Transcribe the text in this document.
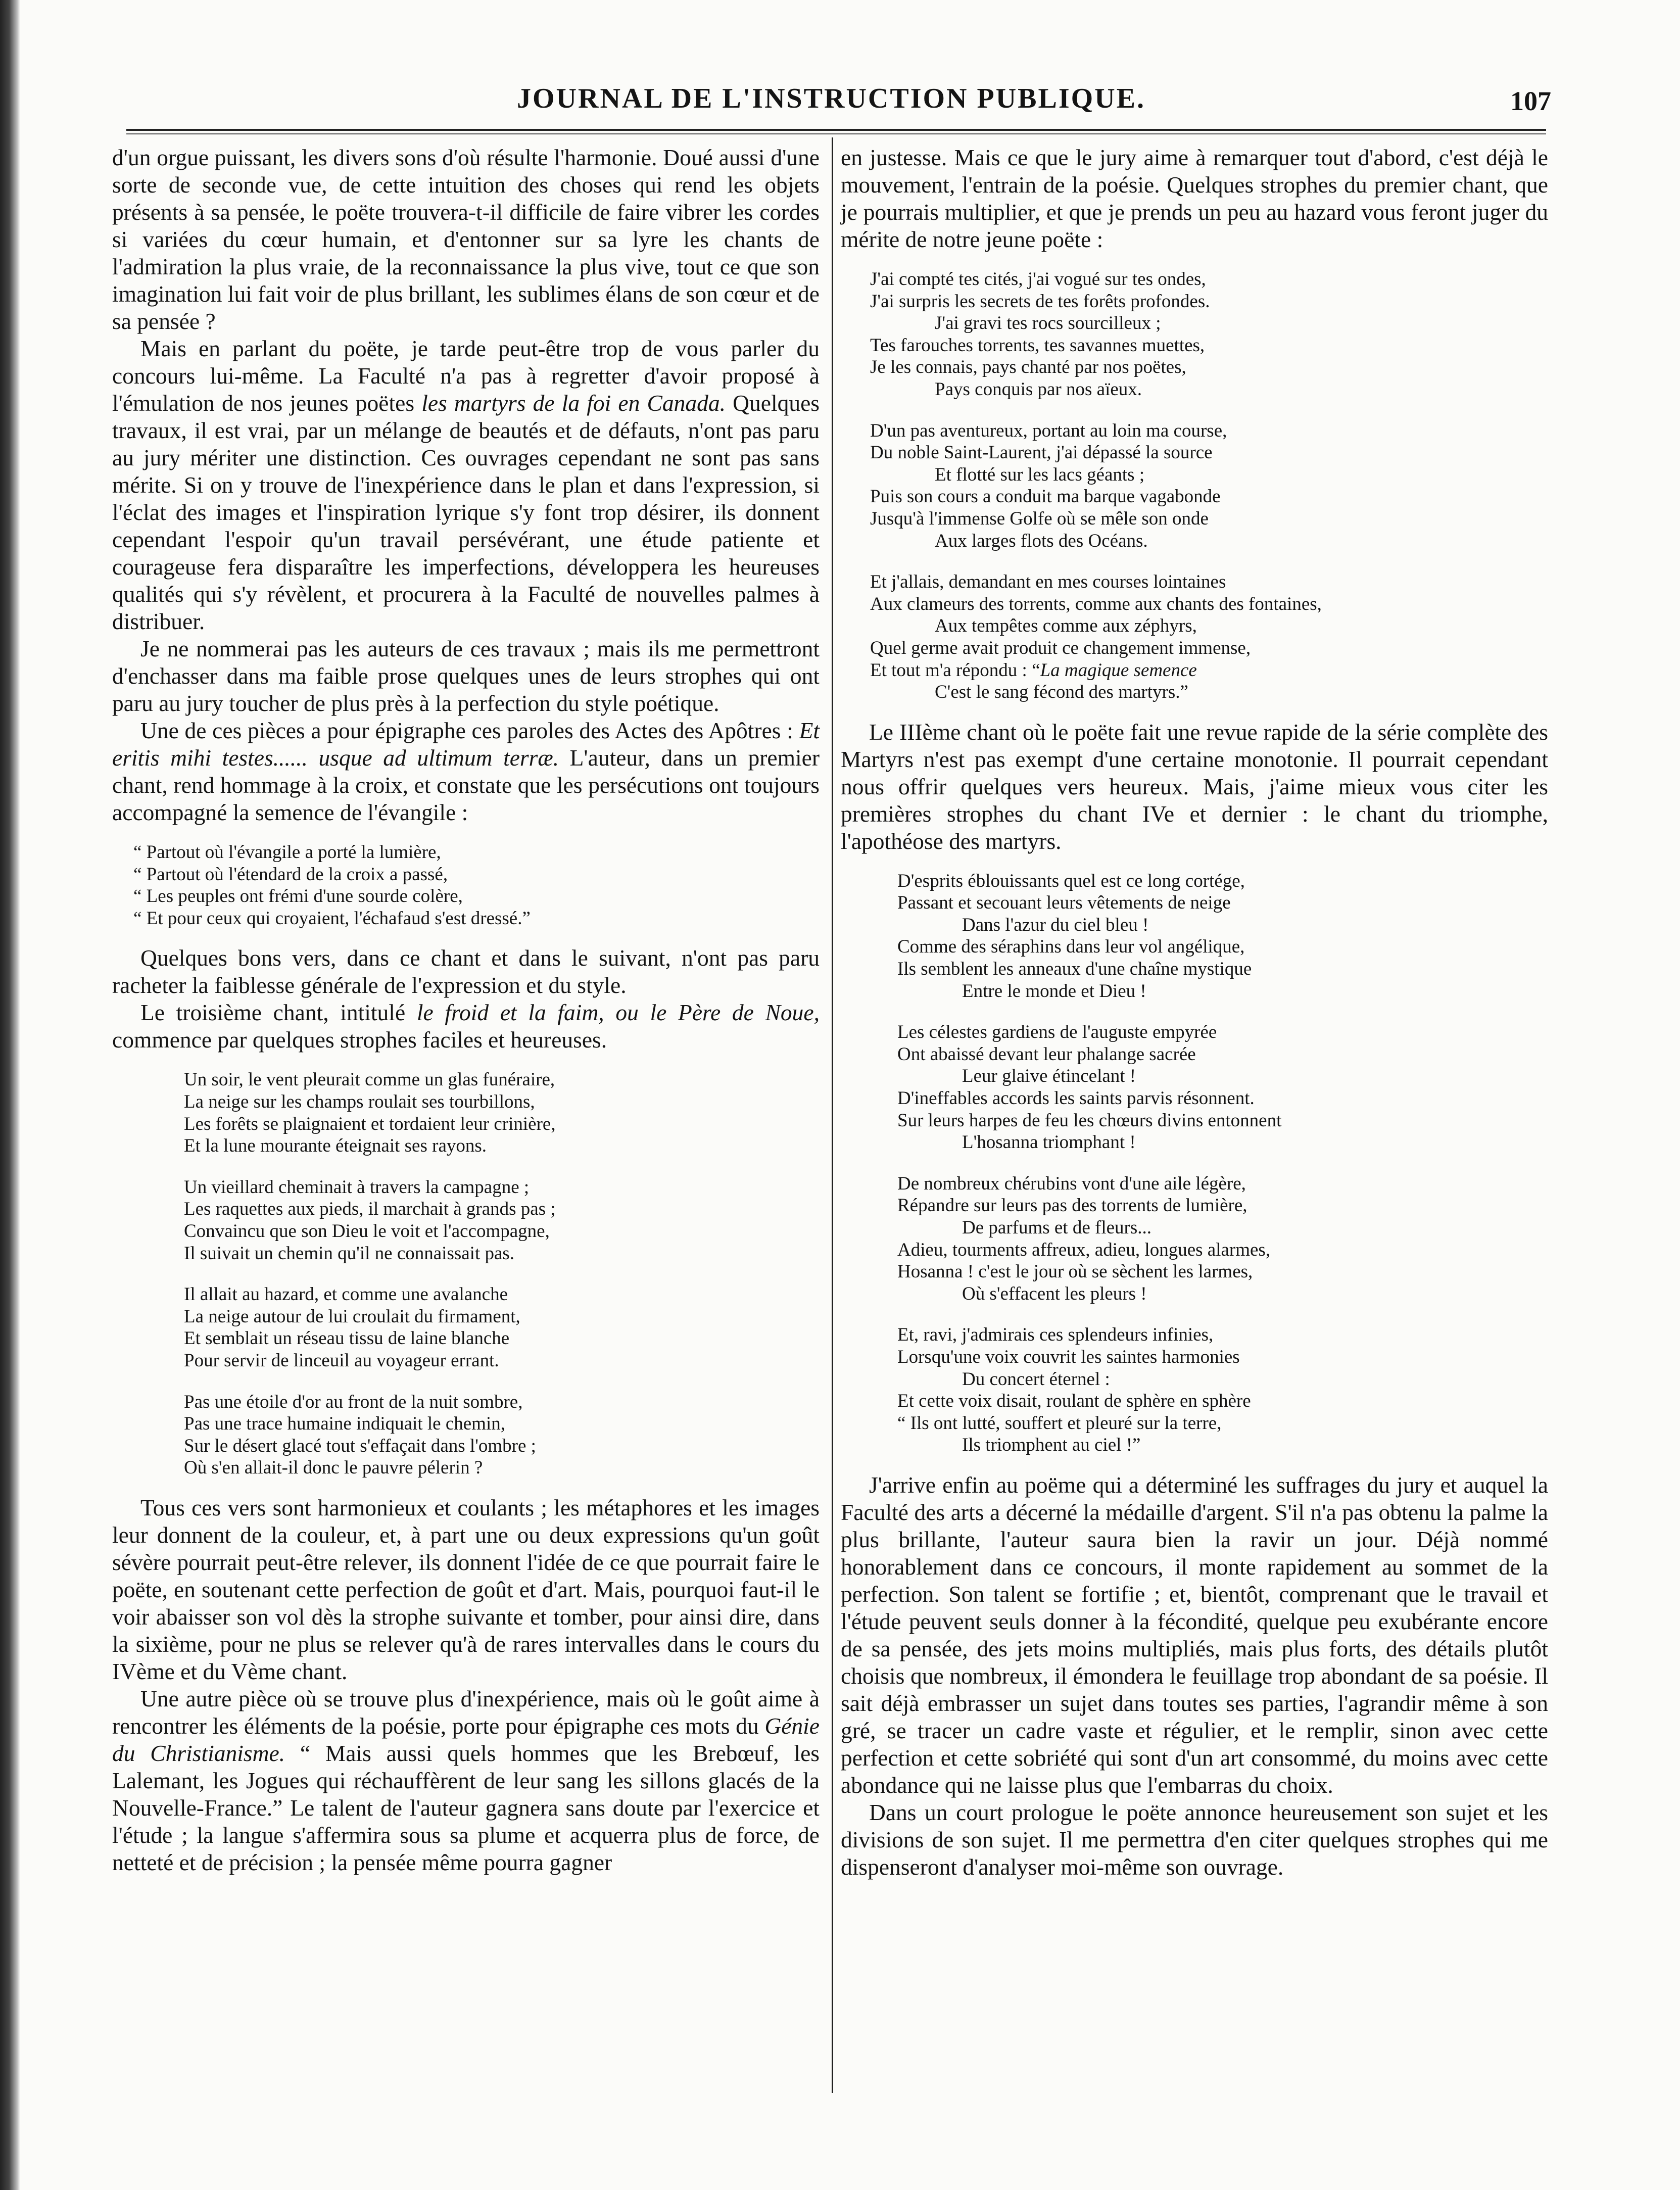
JOURNAL DE L'INSTRUCTION PUBLIQUE.	107

d'un orgue puissant, les divers sons d'où résulte l'harmonie. Doué aussi d'une sorte de seconde vue, de cette intuition des choses qui rend les objets présents à sa pensée, le poëte trouvera-t-il difficile de faire vibrer les cordes si variées du cœur humain, et d'entonner sur sa lyre les chants de l'admiration la plus vraie, de la reconnaissance la plus vive, tout ce que son imagination lui fait voir de plus brillant, les sublimes élans de son cœur et de sa pensée ?

Mais en parlant du poëte, je tarde peut-être trop de vous parler du concours lui-même. La Faculté n'a pas à regretter d'avoir proposé à l'émulation de nos jeunes poëtes les martyrs de la foi en Canada. Quelques travaux, il est vrai, par un mélange de beautés et de défauts, n'ont pas paru au jury mériter une distinction. Ces ouvrages cependant ne sont pas sans mérite. Si on y trouve de l'inexpérience dans le plan et dans l'expression, si l'éclat des images et l'inspiration lyrique s'y font trop désirer, ils donnent cependant l'espoir qu'un travail persévérant, une étude patiente et courageuse fera disparaître les imperfections, développera les heureuses qualités qui s'y révèlent, et procurera à la Faculté de nouvelles palmes à distribuer.

Je ne nommerai pas les auteurs de ces travaux ; mais ils me permettront d'enchasser dans ma faible prose quelques unes de leurs strophes qui ont paru au jury toucher de plus près à la perfection du style poétique.

Une de ces pièces a pour épigraphe ces paroles des Actes des Apôtres : Et eritis mihi testes...... usque ad ultimum terræ. L'auteur, dans un premier chant, rend hommage à la croix, et constate que les persécutions ont toujours accompagné la semence de l'évangile :

“ Partout où l'évangile a porté la lumière,
“ Partout où l'étendard de la croix a passé,
“ Les peuples ont frémi d'une sourde colère,
“ Et pour ceux qui croyaient, l'échafaud s'est dressé.”

Quelques bons vers, dans ce chant et dans le suivant, n'ont pas paru racheter la faiblesse générale de l'expression et du style.

Le troisième chant, intitulé le froid et la faim, ou le Père de Noue, commence par quelques strophes faciles et heureuses.

Un soir, le vent pleurait comme un glas funéraire,
La neige sur les champs roulait ses tourbillons,
Les forêts se plaignaient et tordaient leur crinière,
Et la lune mourante éteignait ses rayons.
Un vieillard cheminait à travers la campagne ;
Les raquettes aux pieds, il marchait à grands pas ;
Convaincu que son Dieu le voit et l'accompagne,
Il suivait un chemin qu'il ne connaissait pas.
Il allait au hazard, et comme une avalanche
La neige autour de lui croulait du firmament,
Et semblait un réseau tissu de laine blanche
Pour servir de linceuil au voyageur errant.
Pas une étoile d'or au front de la nuit sombre,
Pas une trace humaine indiquait le chemin,
Sur le désert glacé tout s'effaçait dans l'ombre ;
Où s'en allait-il donc le pauvre pélerin ?

Tous ces vers sont harmonieux et coulants ; les métaphores et les images leur donnent de la couleur, et, à part une ou deux expressions qu'un goût sévère pourrait peut-être relever, ils donnent l'idée de ce que pourrait faire le poëte, en soutenant cette perfection de goût et d'art. Mais, pourquoi faut-il le voir abaisser son vol dès la strophe suivante et tomber, pour ainsi dire, dans la sixième, pour ne plus se relever qu'à de rares intervalles dans le cours du IVème et du Vème chant.

Une autre pièce où se trouve plus d'inexpérience, mais où le goût aime à rencontrer les éléments de la poésie, porte pour épigraphe ces mots du Génie du Christianisme. “ Mais aussi quels hommes que les Brebœuf, les Lalemant, les Jogues qui réchauffèrent de leur sang les sillons glacés de la Nouvelle-France.” Le talent de l'auteur gagnera sans doute par l'exercice et l'étude ; la langue s'affermira sous sa plume et acquerra plus de force, de netteté et de précision ; la pensée même pourra gagner

en justesse. Mais ce que le jury aime à remarquer tout d'abord, c'est déjà le mouvement, l'entrain de la poésie. Quelques strophes du premier chant, que je pourrais multiplier, et que je prends un peu au hazard vous feront juger du mérite de notre jeune poëte :

J'ai compté tes cités, j'ai vogué sur tes ondes,
J'ai surpris les secrets de tes forêts profondes.
J'ai gravi tes rocs sourcilleux ;
Tes farouches torrents, tes savannes muettes,
Je les connais, pays chanté par nos poëtes,
Pays conquis par nos aïeux.
D'un pas aventureux, portant au loin ma course,
Du noble Saint-Laurent, j'ai dépassé la source
Et flotté sur les lacs géants ;
Puis son cours a conduit ma barque vagabonde
Jusqu'à l'immense Golfe où se mêle son onde
Aux larges flots des Océans.
Et j'allais, demandant en mes courses lointaines
Aux clameurs des torrents, comme aux chants des fontaines,
Aux tempêtes comme aux zéphyrs,
Quel germe avait produit ce changement immense,
Et tout m'a répondu : “La magique semence
C'est le sang fécond des martyrs.”

Le IIIème chant où le poëte fait une revue rapide de la série complète des Martyrs n'est pas exempt d'une certaine monotonie. Il pourrait cependant nous offrir quelques vers heureux. Mais, j'aime mieux vous citer les premières strophes du chant IVe et dernier : le chant du triomphe, l'apothéose des martyrs.

D'esprits éblouissants quel est ce long cortége,
Passant et secouant leurs vêtements de neige
Dans l'azur du ciel bleu !
Comme des séraphins dans leur vol angélique,
Ils semblent les anneaux d'une chaîne mystique
Entre le monde et Dieu !
Les célestes gardiens de l'auguste empyrée
Ont abaissé devant leur phalange sacrée
Leur glaive étincelant !
D'ineffables accords les saints parvis résonnent.
Sur leurs harpes de feu les chœurs divins entonnent
L'hosanna triomphant !
De nombreux chérubins vont d'une aile légère,
Répandre sur leurs pas des torrents de lumière,
De parfums et de fleurs...
Adieu, tourments affreux, adieu, longues alarmes,
Hosanna ! c'est le jour où se sèchent les larmes,
Où s'effacent les pleurs !
Et, ravi, j'admirais ces splendeurs infinies,
Lorsqu'une voix couvrit les saintes harmonies
Du concert éternel :
Et cette voix disait, roulant de sphère en sphère
“ Ils ont lutté, souffert et pleuré sur la terre,
Ils triomphent au ciel !”

J'arrive enfin au poëme qui a déterminé les suffrages du jury et auquel la Faculté des arts a décerné la médaille d'argent. S'il n'a pas obtenu la palme la plus brillante, l'auteur saura bien la ravir un jour. Déjà nommé honorablement dans ce concours, il monte rapidement au sommet de la perfection. Son talent se fortifie ; et, bientôt, comprenant que le travail et l'étude peuvent seuls donner à la fécondité, quelque peu exubérante encore de sa pensée, des jets moins multipliés, mais plus forts, des détails plutôt choisis que nombreux, il émondera le feuillage trop abondant de sa poésie. Il sait déjà embrasser un sujet dans toutes ses parties, l'agrandir même à son gré, se tracer un cadre vaste et régulier, et le remplir, sinon avec cette perfection et cette sobriété qui sont d'un art consommé, du moins avec cette abondance qui ne laisse plus que l'embarras du choix.

Dans un court prologue le poëte annonce heureusement son sujet et les divisions de son sujet. Il me permettra d'en citer quelques strophes qui me dispenseront d'analyser moi-même son ouvrage.
